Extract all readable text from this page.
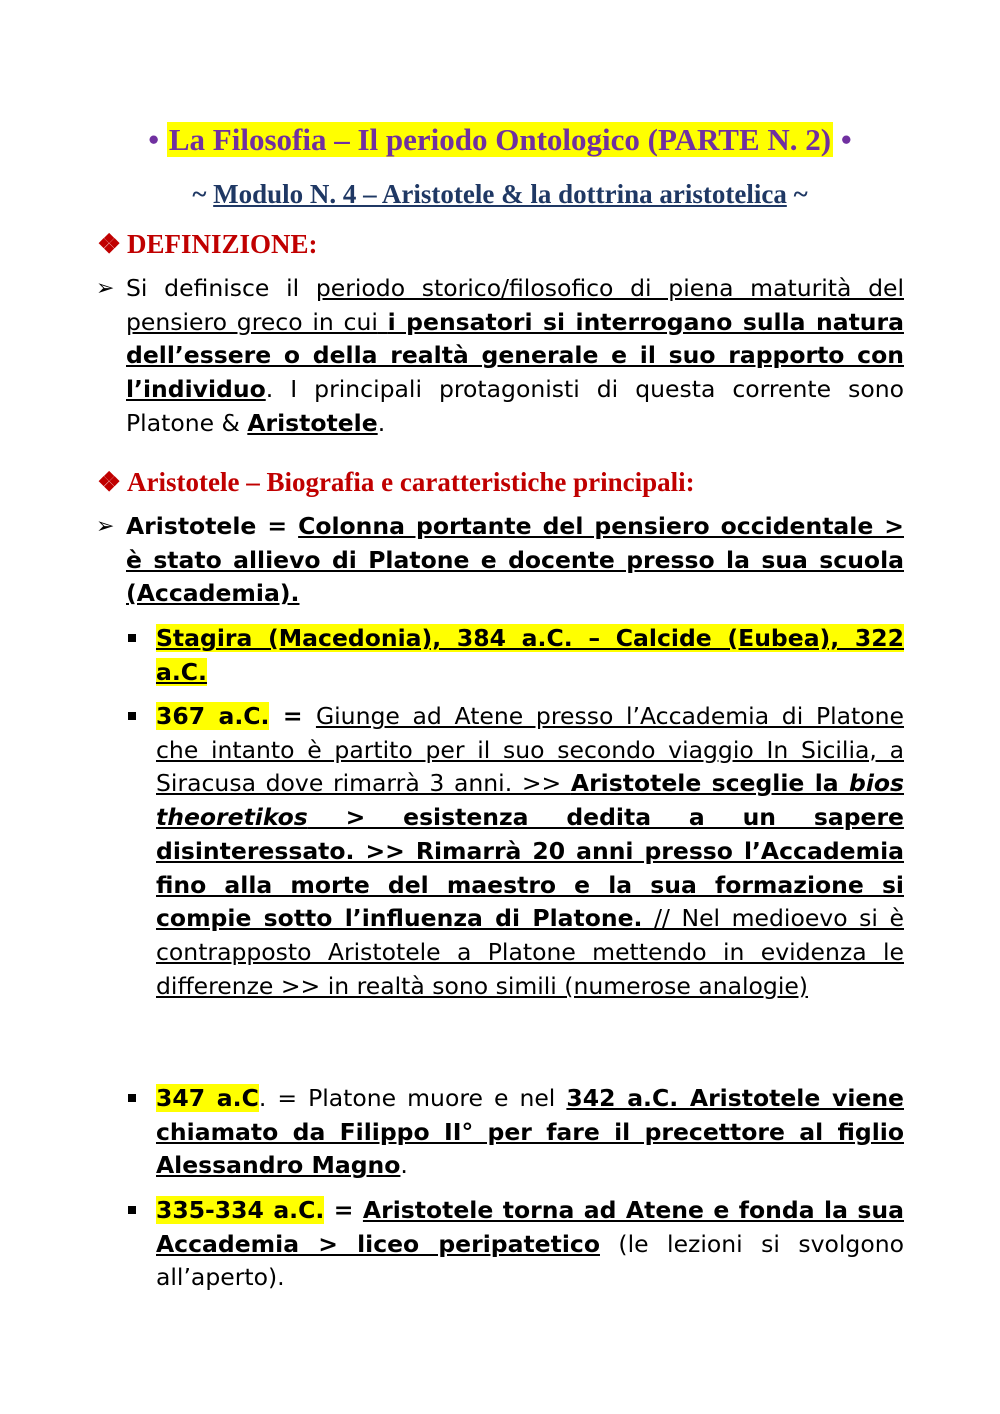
• La Filosofia – Il periodo Ontologico (PARTE N. 2) •
~ Modulo N. 4 – Aristotele & la dottrina aristotelica ~
❖ DEFINIZIONE:
➢ Si definisce il periodo storico/filosofico di piena maturità del pensiero greco in cui i pensatori si interrogano sulla natura dell’essere o della realtà generale e il suo rapporto con l’individuo. I principali protagonisti di questa corrente sono Platone & Aristotele.
❖ Aristotele – Biografia e caratteristiche principali:
➢ Aristotele = Colonna portante del pensiero occidentale > è stato allievo di Platone e docente presso la sua scuola (Accademia).
Stagira (Macedonia), 384 a.C. – Calcide (Eubea), 322 a.C.
367 a.C. = Giunge ad Atene presso l’Accademia di Platone che intanto è partito per il suo secondo viaggio In Sicilia, a Siracusa dove rimarrà 3 anni. >> Aristotele sceglie la bios theoretikos > esistenza dedita a un sapere disinteressato. >> Rimarrà 20 anni presso l’Accademia fino alla morte del maestro e la sua formazione si compie sotto l’influenza di Platone. // Nel medioevo si è contrapposto Aristotele a Platone mettendo in evidenza le differenze >> in realtà sono simili (numerose analogie)
347 a.C. = Platone muore e nel 342 a.C. Aristotele viene chiamato da Filippo II° per fare il precettore al figlio Alessandro Magno.
335-334 a.C. = Aristotele torna ad Atene e fonda la sua Accademia > liceo peripatetico (le lezioni si svolgono all’aperto).
